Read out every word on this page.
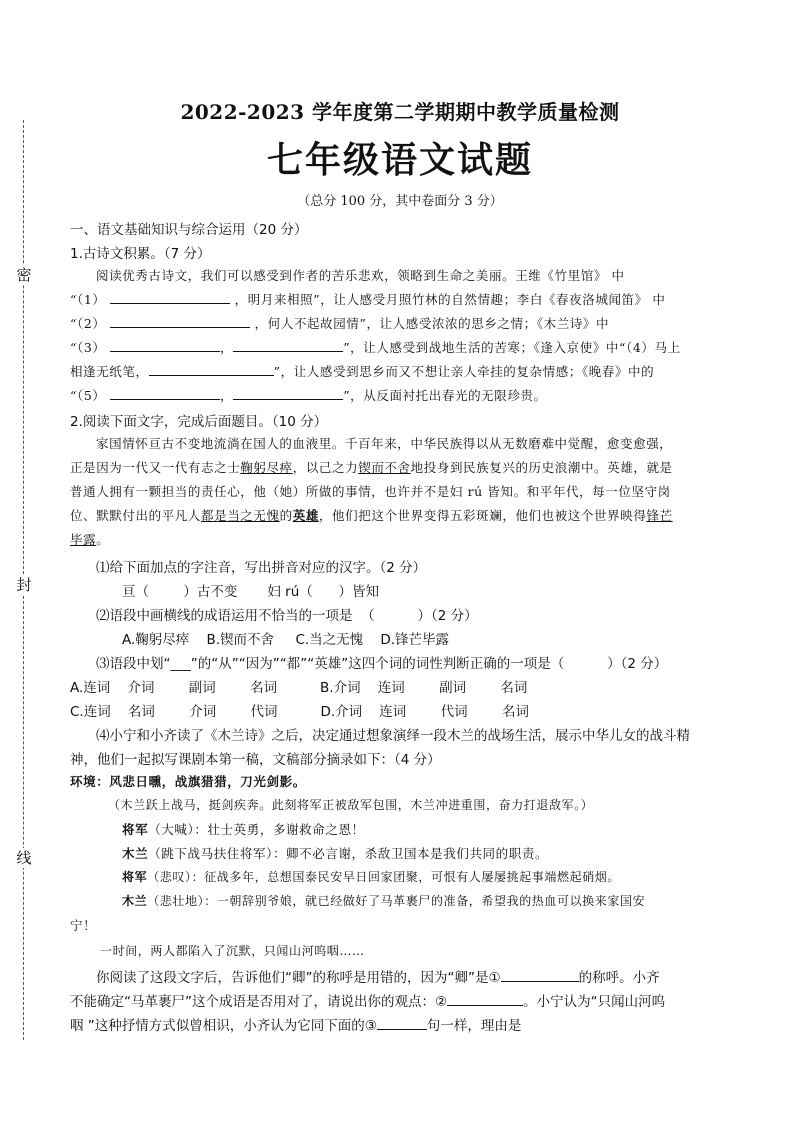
密
封
线
2022-2023 学年度第二学期期中教学质量检测
七年级语文试题
（总分 100 分，其中卷面分 3 分）
一、语文基础知识与综合运用（20 分）
1.古诗文积累。（7 分）
阅读优秀古诗文，我们可以感受到作者的苦乐悲欢，领略到生命之美丽。王维《竹里馆》 中
“（1）	，明月来相照”，让人感受月照竹林的自然情趣；李白《春夜洛城闻笛》 中
“（2）	，何人不起故园情”，让人感受浓浓的思乡之情；《木兰诗》中
“（3）	，	”，让人感受到战地生活的苦寒；《逢入京使》中“（4）马上
相逢无纸笔，	”，让人感受到思乡而又不想让亲人牵挂的复杂情感；《晚春》中的
“（5）	，	”，从反面衬托出春光的无限珍贵。
2.阅读下面文字，完成后面题目。（10 分）
家国情怀亘古不变地流淌在国人的血液里。千百年来，中华民族得以从无数磨难中觉醒，愈变愈强，
正是因为一代又一代有志之士鞠躬尽瘁，以己之力锲而不舍地投身到民族复兴的历史浪潮中。英雄，就是
普通人拥有一颗担当的责任心，他（她）所做的事情，也许并不是妇 rú 皆知。和平年代，每一位坚守岗
位、默默付出的平凡人都是当之无愧的英雄，他们把这个世界变得五彩斑斓，他们也被这个世界映得锋芒
毕露。
⑴给下面加点的字注音，写出拼音对应的汉字。（2 分）
亘（        ）古不变       妇 rú（      ）皆知
⑵语段中画横线的成语运用不恰当的一项是  （          ）（2 分）
A.鞠躬尽瘁    B.锲而不舍     C.当之无愧    D.锋芒毕露
⑶语段中划“___”的“从”“因为”“都”“英雄”这四个词的词性判断正确的一项是（          ）（2 分）
A.连词    介词        副词        名词          B.介词    连词        副词        名词
C.连词    名词        介词        代词          D.介词    连词        代词        名词
⑷小宁和小齐读了《木兰诗》之后，决定通过想象演绎一段木兰的战场生活，展示中华儿女的战斗精
神，他们一起拟写课剧本第一稿，文稿部分摘录如下：（4 分）
环境：风悲日曛，战旗猎猎，刀光剑影。
（木兰跃上战马，挺剑疾奔。此刻将军正被敌军包围，木兰冲进重围，奋力打退敌军。）
将军（大喊）：壮士英勇，多谢救命之恩！
木兰（跳下战马扶住将军）：卿不必言谢，杀敌卫国本是我们共同的职责。
将军（悲叹）：征战多年，总想国泰民安早日回家团聚，可恨有人屡屡挑起事端燃起硝烟。
木兰（悲壮地）：一朝辞别爷娘，就已经做好了马革裹尸的准备，希望我的热血可以换来家国安
宁！
一时间，两人都陷入了沉默，只闻山河呜咽……
你阅读了这段文字后，告诉他们“卿”的称呼是用错的，因为“卿”是①	的称呼。小齐
不能确定“马革裹尸”这个成语是否用对了，请说出你的观点：②	。小宁认为“只闻山河呜
咽 ”这种抒情方式似曾相识，小齐认为它同下面的③	句一样，理由是
